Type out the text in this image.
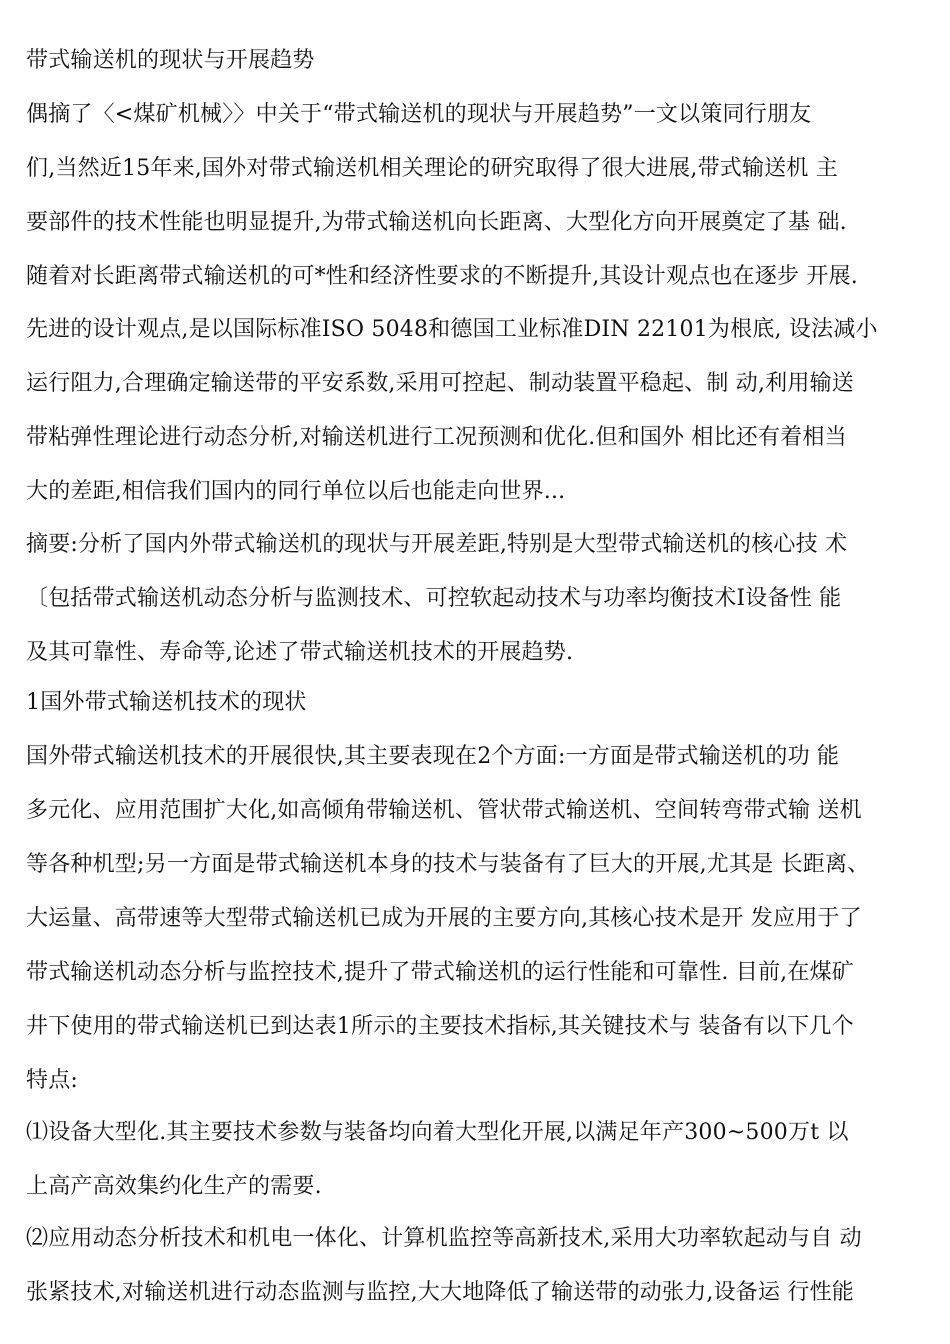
带式输送机的现状与开展趋势
偶摘了〈<煤矿机械〉〉中关于“带式输送机的现状与开展趋势”一文以策同行朋友
们,当然近15年来,国外对带式输送机相关理论的研究取得了很大进展,带式输送机 主
要部件的技术性能也明显提升,为带式输送机向长距离、大型化方向开展奠定了基 础.
随着对长距离带式输送机的可*性和经济性要求的不断提升,其设计观点也在逐步 开展.
先进的设计观点,是以国际标准ISO 5048和德国工业标准DIN 22101为根底, 设法减小
运行阻力,合理确定输送带的平安系数,采用可控起、制动装置平稳起、制 动,利用输送
带粘弹性理论进行动态分析,对输送机进行工况预测和优化.但和国外 相比还有着相当
大的差距,相信我们国内的同行单位以后也能走向世界...
摘要:分析了国内外带式输送机的现状与开展差距,特别是大型带式输送机的核心技 术
〔包括带式输送机动态分析与监测技术、可控软起动技术与功率均衡技术I设备性 能
及其可靠性、寿命等,论述了带式输送机技术的开展趋势.
1国外带式输送机技术的现状
国外带式输送机技术的开展很快,其主要表现在2个方面:一方面是带式输送机的功 能
多元化、应用范围扩大化,如高倾角带输送机、管状带式输送机、空间转弯带式输 送机
等各种机型;另一方面是带式输送机本身的技术与装备有了巨大的开展,尤其是 长距离、
大运量、高带速等大型带式输送机已成为开展的主要方向,其核心技术是开 发应用于了
带式输送机动态分析与监控技术,提升了带式输送机的运行性能和可靠性. 目前,在煤矿
井下使用的带式输送机已到达表1所示的主要技术指标,其关键技术与 装备有以下几个
特点:
⑴设备大型化.其主要技术参数与装备均向着大型化开展,以满足年产300~500万t 以
上高产高效集约化生产的需要.
⑵应用动态分析技术和机电一体化、计算机监控等高新技术,采用大功率软起动与自 动
张紧技术,对输送机进行动态监测与监控,大大地降低了输送带的动张力,设备运 行性能
